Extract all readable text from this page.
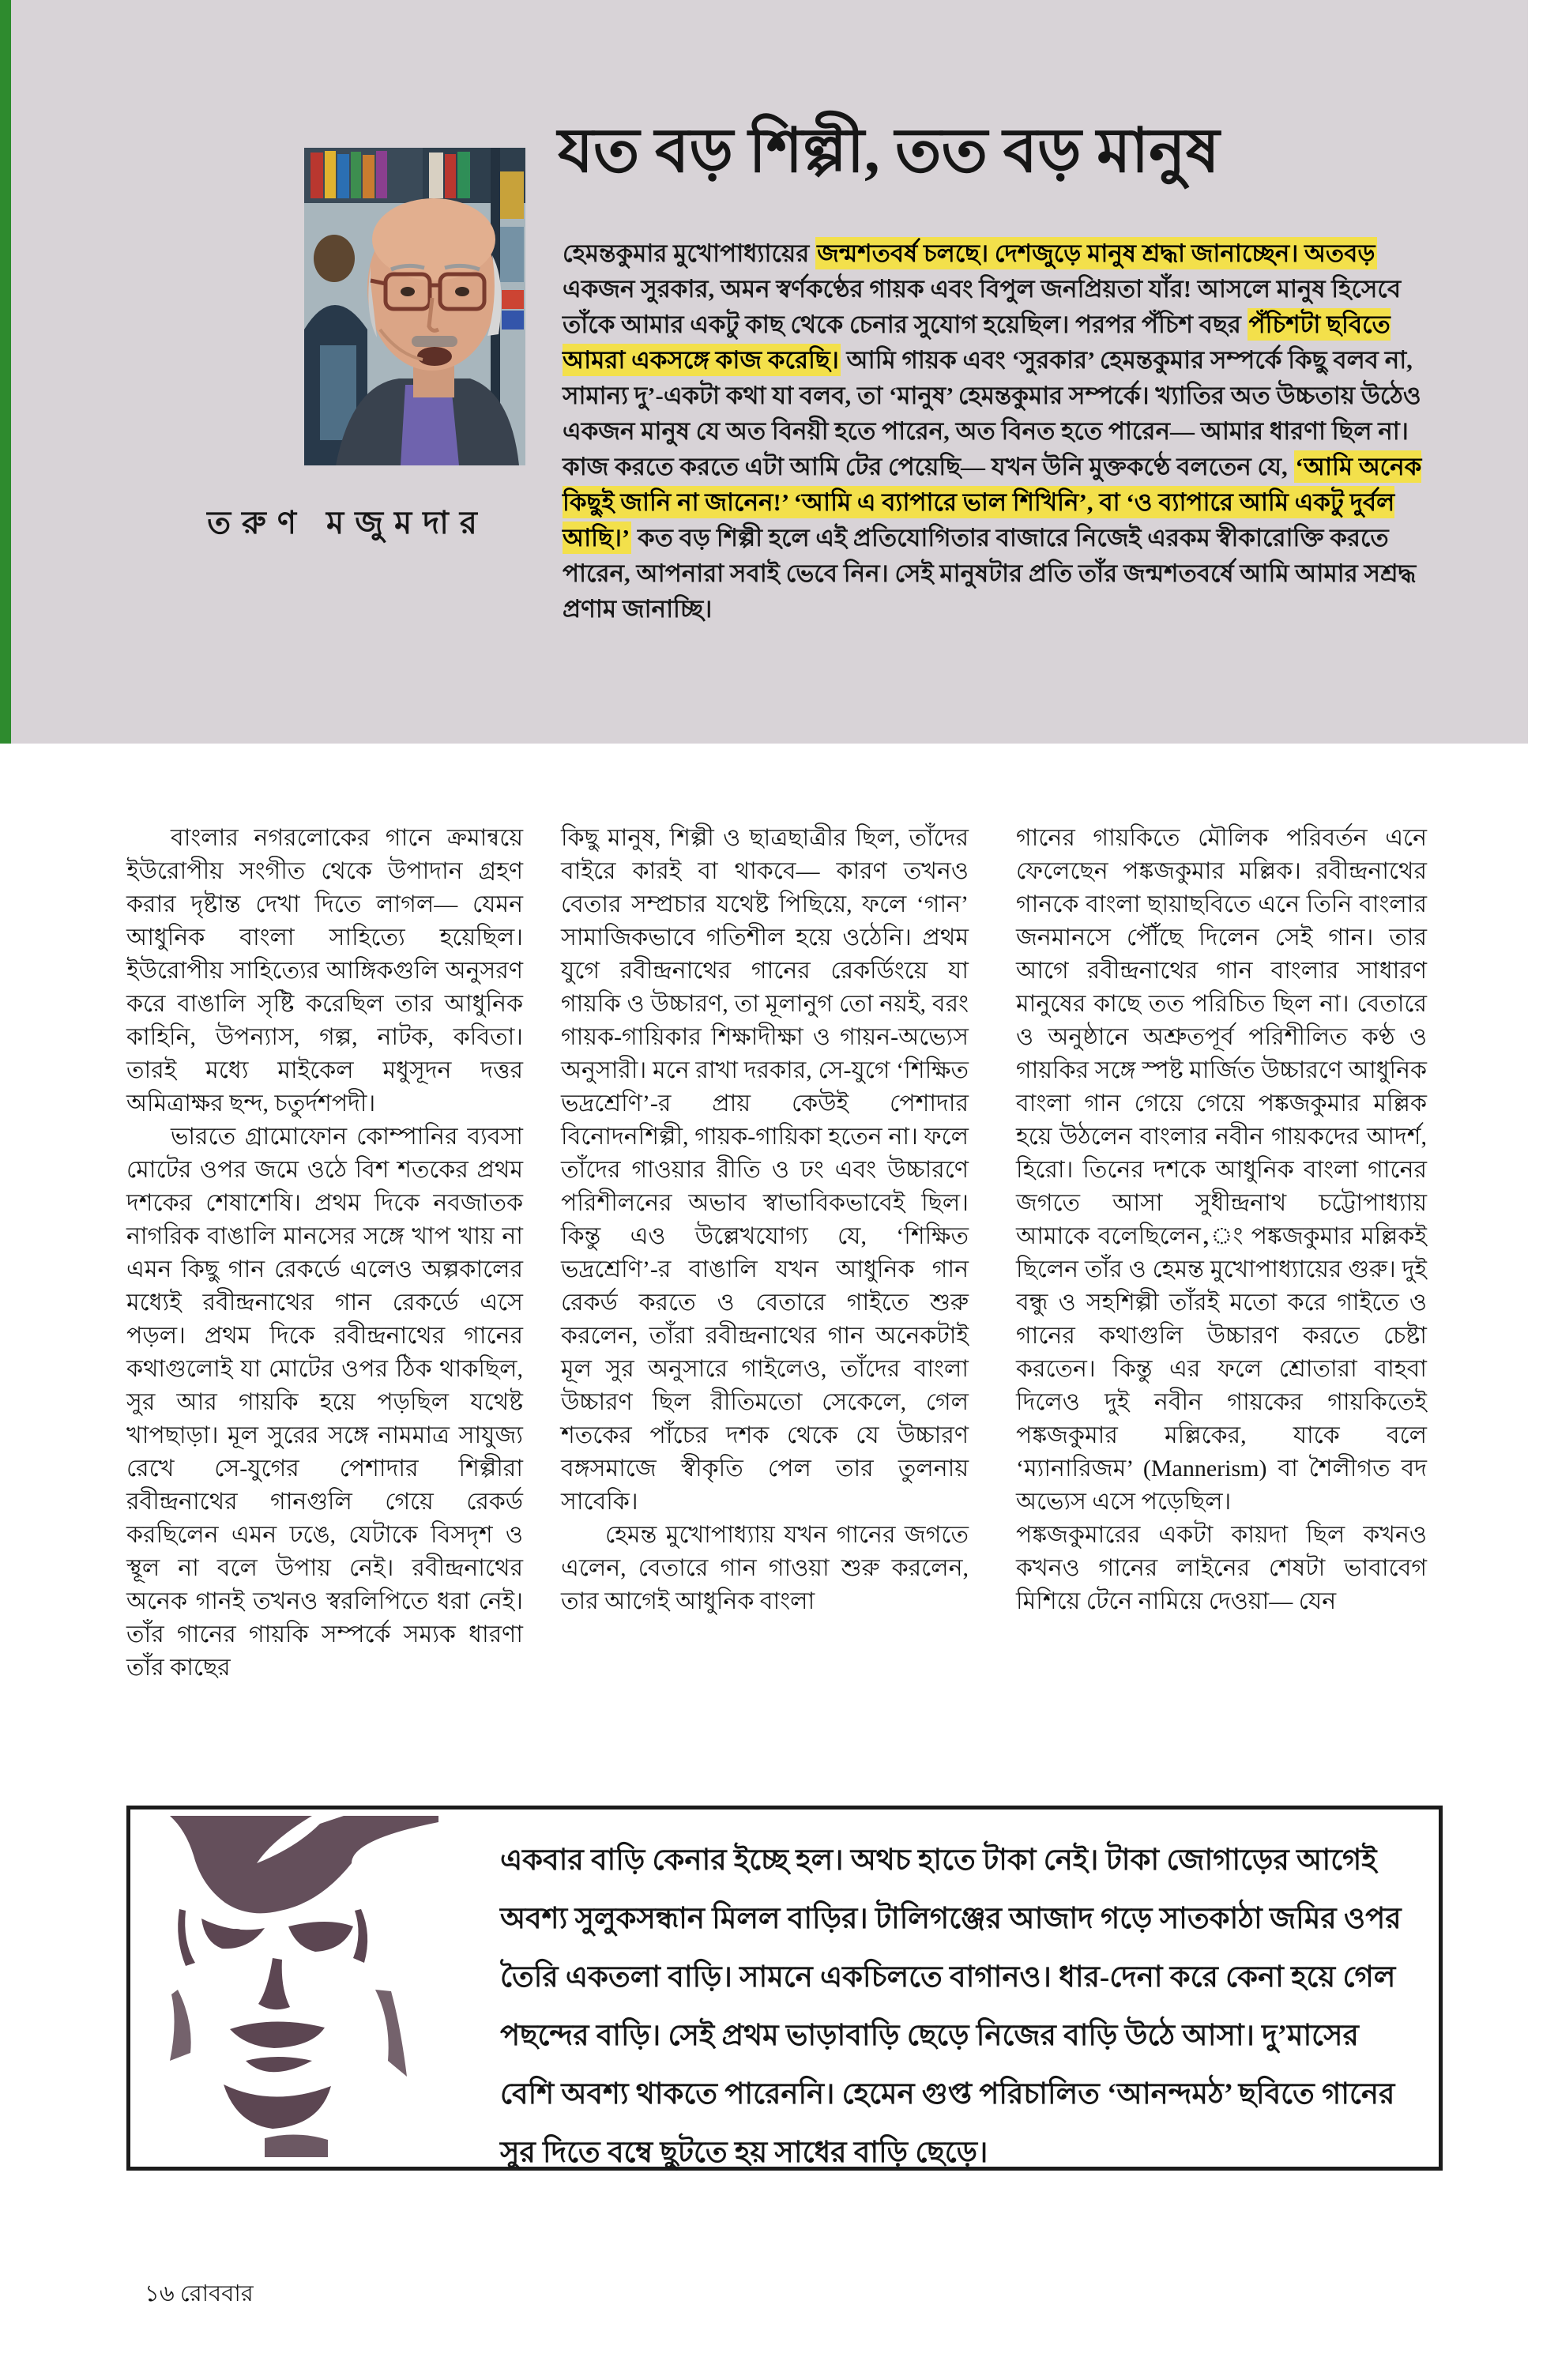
তরুণ মজুমদার
যত বড় শিল্পী, তত বড় মানুষ
হেমন্তকুমার মুখোপাধ্যায়ের জন্মশতবর্ষ চলছে। দেশজুড়ে মানুষ শ্রদ্ধা জানাচ্ছেন। অতবড় একজন সুরকার, অমন স্বর্ণকণ্ঠের গায়ক এবং বিপুল জনপ্রিয়তা যাঁর! আসলে মানুষ হিসেবে তাঁকে আমার একটু কাছ থেকে চেনার সুযোগ হয়েছিল। পরপর পঁচিশ বছর পঁচিশটা ছবিতে আমরা একসঙ্গে কাজ করেছি। আমি গায়ক এবং ‘সুরকার’ হেমন্তকুমার সম্পর্কে কিছু বলব না, সামান্য দু’-একটা কথা যা বলব, তা ‘মানুষ’ হেমন্তকুমার সম্পর্কে। খ্যাতির অত উচ্চতায় উঠেও একজন মানুষ যে অত বিনয়ী হতে পারেন, অত বিনত হতে পারেন— আমার ধারণা ছিল না। কাজ করতে করতে এটা আমি টের পেয়েছি— যখন উনি মুক্তকণ্ঠে বলতেন যে, ‘আমি অনেক কিছুই জানি না জানেন!’ ‘আমি এ ব্যাপারে ভাল শিখিনি’, বা ‘ও ব্যাপারে আমি একটু দুর্বল আছি।’ কত বড় শিল্পী হলে এই প্রতিযোগিতার বাজারে নিজেই এরকম স্বীকারোক্তি করতে পারেন, আপনারা সবাই ভেবে নিন। সেই মানুষটার প্রতি তাঁর জন্মশতবর্ষে আমি আমার সশ্রদ্ধ প্রণাম জানাচ্ছি।

বাংলার নগরলোকের গানে ক্রমান্বয়ে ইউরোপীয় সংগীত থেকে উপাদান গ্রহণ করার দৃষ্টান্ত দেখা দিতে লাগল— যেমন আধুনিক বাংলা সাহিত্যে হয়েছিল। ইউরোপীয় সাহিত্যের আঙ্গিকগুলি অনুসরণ করে বাঙালি সৃষ্টি করেছিল তার আধুনিক কাহিনি, উপন্যাস, গল্প, নাটক, কবিতা। তারই মধ্যে মাইকেল মধুসূদন দত্তর অমিত্রাক্ষর ছন্দ, চতুর্দশপদী।

ভারতে গ্রামোফোন কোম্পানির ব্যবসা মোটের ওপর জমে ওঠে বিশ শতকের প্রথম দশকের শেষাশেষি। প্রথম দিকে নবজাতক নাগরিক বাঙালি মানসের সঙ্গে খাপ খায় না এমন কিছু গান রেকর্ডে এলেও অল্পকালের মধ্যেই রবীন্দ্রনাথের গান রেকর্ডে এসে পড়ল। প্রথম দিকে রবীন্দ্রনাথের গানের কথাগুলোই যা মোটের ওপর ঠিক থাকছিল, সুর আর গায়কি হয়ে পড়ছিল যথেষ্ট খাপছাড়া। মূল সুরের সঙ্গে নামমাত্র সাযুজ্য রেখে সে-যুগের পেশাদার শিল্পীরা রবীন্দ্রনাথের গানগুলি গেয়ে রেকর্ড করছিলেন এমন ঢঙে, যেটাকে বিসদৃশ ও স্থূল না বলে উপায় নেই। রবীন্দ্রনাথের অনেক গানই তখনও স্বরলিপিতে ধরা নেই। তাঁর গানের গায়কি সম্পর্কে সম্যক ধারণা তাঁর কাছের

কিছু মানুষ, শিল্পী ও ছাত্রছাত্রীর ছিল, তাঁদের বাইরে কারই বা থাকবে— কারণ তখনও বেতার সম্প্রচার যথেষ্ট পিছিয়ে, ফলে ‘গান’ সামাজিকভাবে গতিশীল হয়ে ওঠেনি। প্রথম যুগে রবীন্দ্রনাথের গানের রেকর্ডিংয়ে যা গায়কি ও উচ্চারণ, তা মূলানুগ তো নয়ই, বরং গায়ক-গায়িকার শিক্ষাদীক্ষা ও গায়ন-অভ্যেস অনুসারী। মনে রাখা দরকার, সে-যুগে ‘শিক্ষিত ভদ্রশ্রেণি’-র প্রায় কেউই পেশাদার বিনোদনশিল্পী, গায়ক-গায়িকা হতেন না। ফলে তাঁদের গাওয়ার রীতি ও ঢং এবং উচ্চারণে পরিশীলনের অভাব স্বাভাবিকভাবেই ছিল। কিন্তু এও উল্লেখযোগ্য যে, ‘শিক্ষিত ভদ্রশ্রেণি’-র বাঙালি যখন আধুনিক গান রেকর্ড করতে ও বেতারে গাইতে শুরু করলেন, তাঁরা রবীন্দ্রনাথের গান অনেকটাই মূল সুর অনুসারে গাইলেও, তাঁদের বাংলা উচ্চারণ ছিল রীতিমতো সেকেলে, গেল শতকের পাঁচের দশক থেকে যে উচ্চারণ বঙ্গসমাজে স্বীকৃতি পেল তার তুলনায় সাবেকি।

হেমন্ত মুখোপাধ্যায় যখন গানের জগতে এলেন, বেতারে গান গাওয়া শুরু করলেন, তার আগেই আধুনিক বাংলা

গানের গায়কিতে মৌলিক পরিবর্তন এনে ফেলেছেন পঙ্কজকুমার মল্লিক। রবীন্দ্রনাথের গানকে বাংলা ছায়াছবিতে এনে তিনি বাংলার জনমানসে পৌঁছে দিলেন সেই গান। তার আগে রবীন্দ্রনাথের গান বাংলার সাধারণ মানুষের কাছে তত পরিচিত ছিল না। বেতারে ও অনুষ্ঠানে অশ্রুতপূর্ব পরিশীলিত কণ্ঠ ও গায়কির সঙ্গে স্পষ্ট মার্জিত উচ্চারণে আধুনিক বাংলা গান গেয়ে গেয়ে পঙ্কজকুমার মল্লিক হয়ে উঠলেন বাংলার নবীন গায়কদের আদর্শ, হিরো। তিনের দশকে আধুনিক বাংলা গানের জগতে আসা সুধীন্দ্রনাথ চট্টোপাধ্যায় আমাকে বলেছিলেন,ং পঙ্কজকুমার মল্লিকই ছিলেন তাঁর ও হেমন্ত মুখোপাধ্যায়ের গুরু। দুই বন্ধু ও সহশিল্পী তাঁরই মতো করে গাইতে ও গানের কথাগুলি উচ্চারণ করতে চেষ্টা করতেন। কিন্তু এর ফলে শ্রোতারা বাহবা দিলেও দুই নবীন গায়কের গায়কিতেই পঙ্কজকুমার মল্লিকের, যাকে বলে ‘ম্যানারিজম’ (Mannerism) বা শৈলীগত বদ অভ্যেস এসে পড়েছিল।

পঙ্কজকুমারের একটা কায়দা ছিল কখনও কখনও গানের লাইনের শেষটা ভাবাবেগ মিশিয়ে টেনে নামিয়ে দেওয়া— যেন

একবার বাড়ি কেনার ইচ্ছে হল। অথচ হাতে টাকা নেই। টাকা জোগাড়ের আগেই অবশ্য সুলুকসন্ধান মিলল বাড়ির। টালিগঞ্জের আজাদ গড়ে সাতকাঠা জমির ওপর তৈরি একতলা বাড়ি। সামনে একচিলতে বাগানও। ধার-দেনা করে কেনা হয়ে গেল পছন্দের বাড়ি। সেই প্রথম ভাড়াবাড়ি ছেড়ে নিজের বাড়ি উঠে আসা। দু’মাসের বেশি অবশ্য থাকতে পারেননি। হেমেন গুপ্ত পরিচালিত ‘আনন্দমঠ’ ছবিতে গানের সুর দিতে বম্বে ছুটতে হয় সাধের বাড়ি ছেড়ে।
১৬ রোববার
